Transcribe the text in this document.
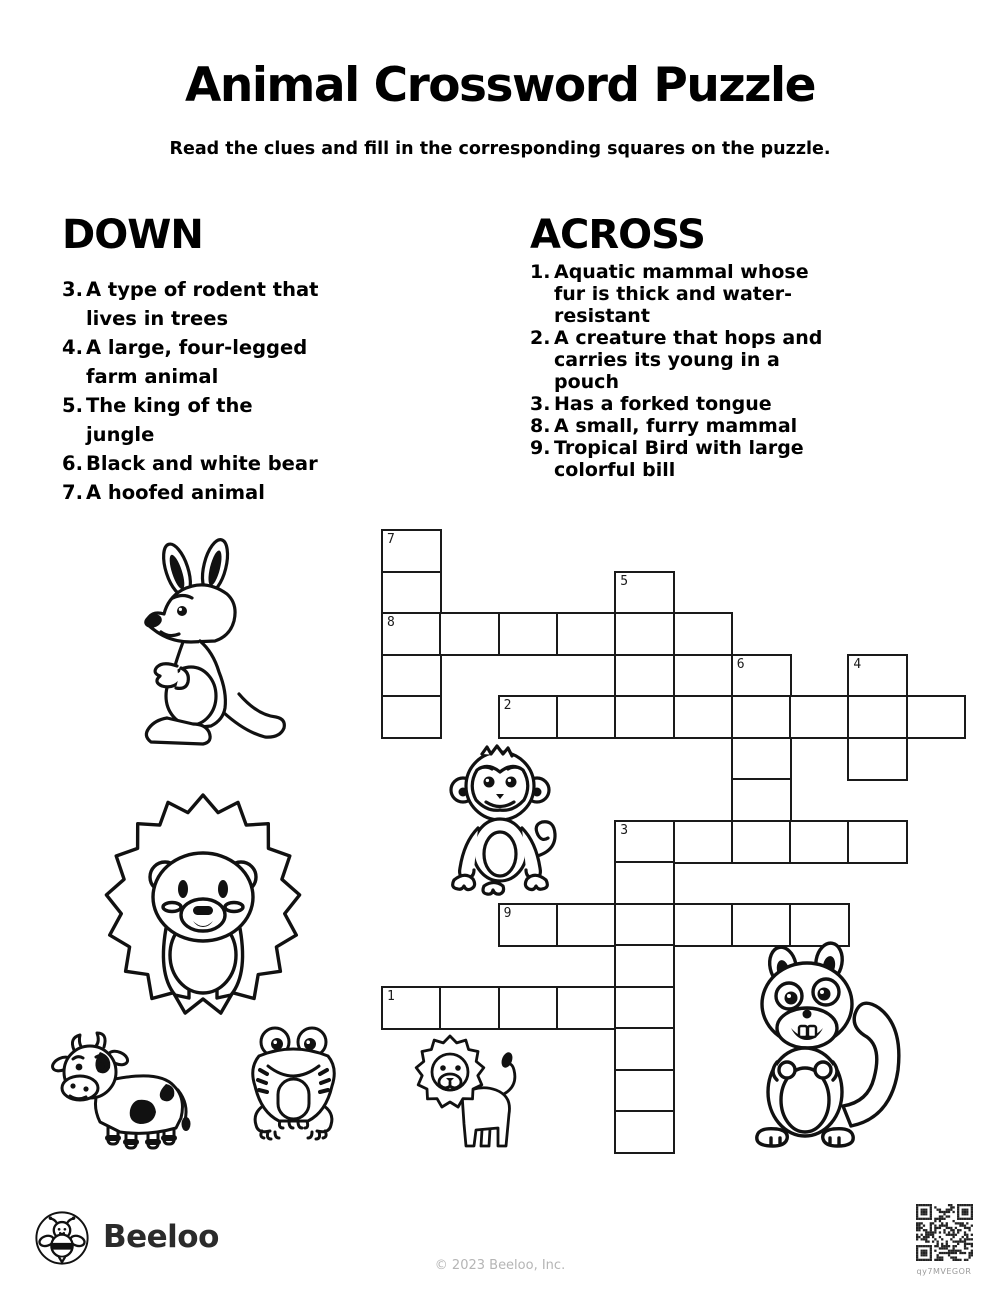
Animal Crossword Puzzle
Read the clues and fill in the corresponding squares on the puzzle.
DOWN
3. A type of rodent that lives in trees
4. A large, four-legged farm animal
5. The king of the jungle
6. Black and white bear
7. A hoofed animal
ACROSS
1. Aquatic mammal whose fur is thick and water-resistant
2. A creature that hops and carries its young in a pouch
3. Has a forked tongue
8. A small, furry mammal
9. Tropical Bird with large colorful bill
7
5
8
6	4
2
3
9
1
Beeloo
© 2023 Beeloo, Inc.	qy7MVEGOR
